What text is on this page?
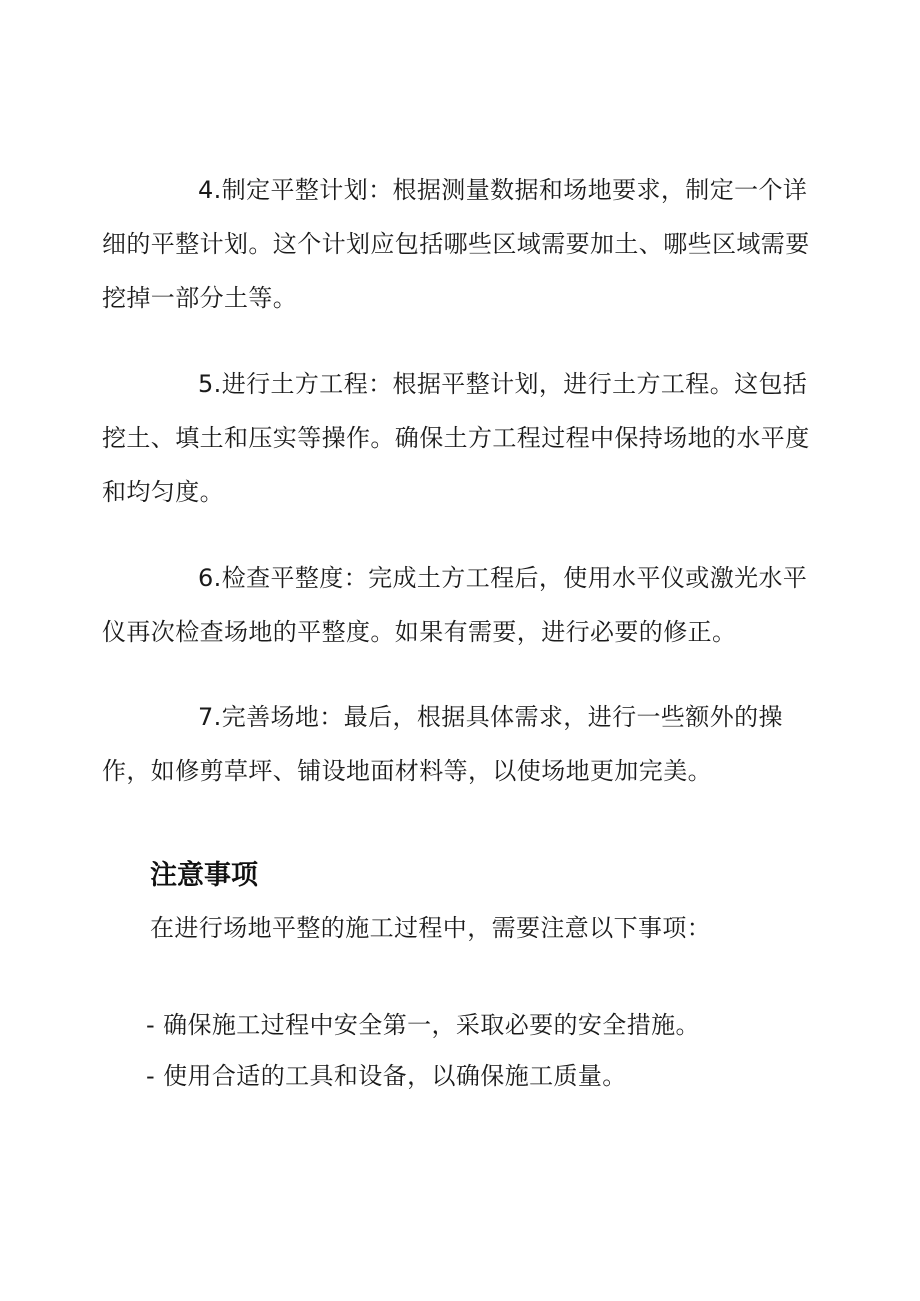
4.制定平整计划：根据测量数据和场地要求，制定一个详细的平整计划。这个计划应包括哪些区域需要加土、哪些区域需要挖掉一部分土等。

5.进行土方工程：根据平整计划，进行土方工程。这包括挖土、填土和压实等操作。确保土方工程过程中保持场地的水平度和均匀度。

6.检查平整度：完成土方工程后，使用水平仪或激光水平仪再次检查场地的平整度。如果有需要，进行必要的修正。

7.完善场地：最后，根据具体需求，进行一些额外的操作，如修剪草坪、铺设地面材料等，以使场地更加完美。

注意事项

在进行场地平整的施工过程中，需要注意以下事项：

- 确保施工过程中安全第一，采取必要的安全措施。

- 使用合适的工具和设备，以确保施工质量。
